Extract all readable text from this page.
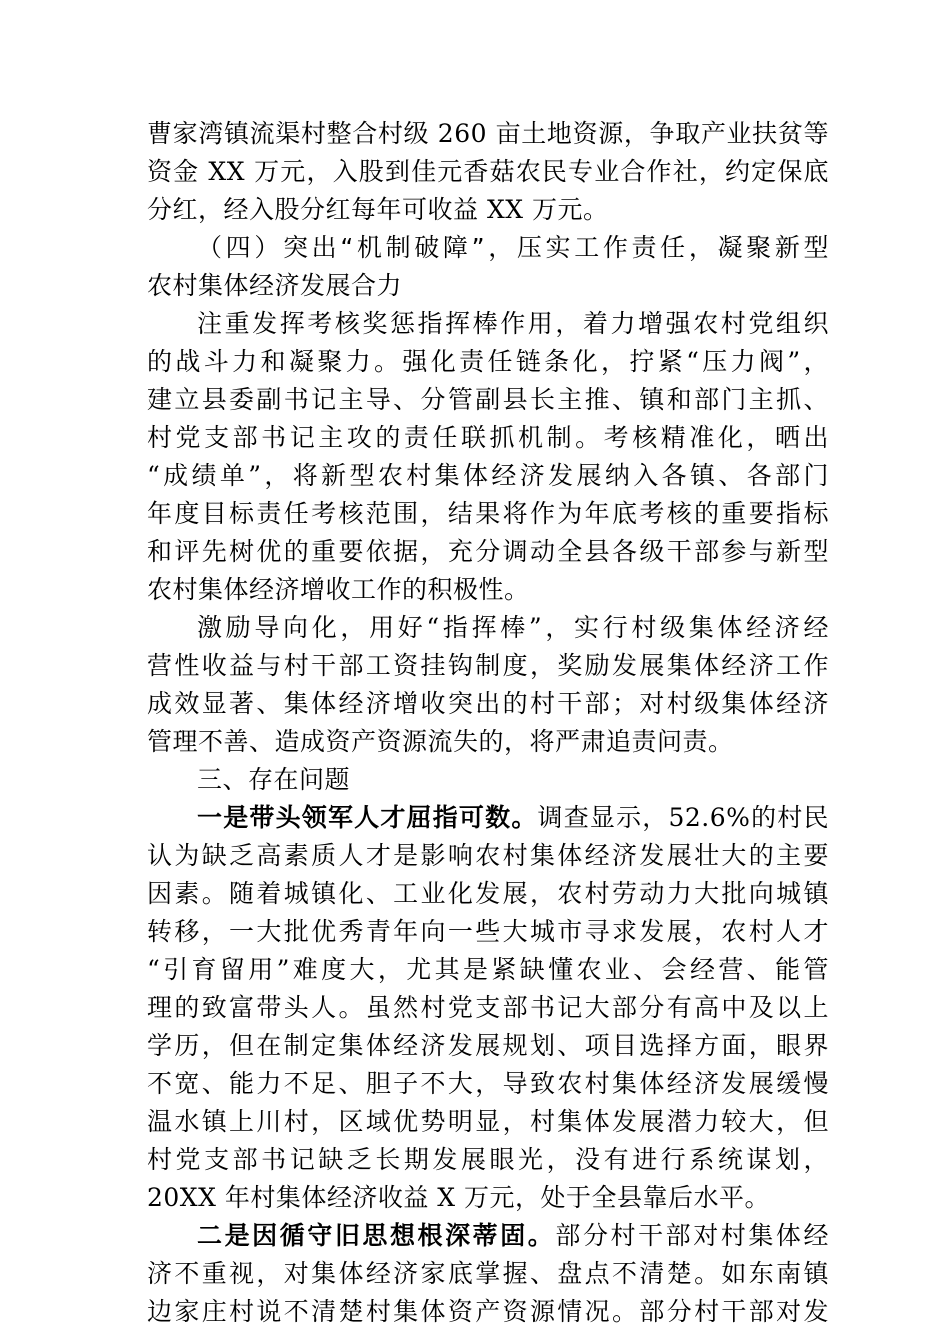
曹家湾镇流渠村整合村级 260 亩土地资源，争取产业扶贫等
资金 XX 万元，入股到佳元香菇农民专业合作社，约定保底
分红，经入股分红每年可收益 XX 万元。
（四）突出“机制破障”，压实工作责任，凝聚新型
农村集体经济发展合力
注重发挥考核奖惩指挥棒作用，着力增强农村党组织
的战斗力和凝聚力。强化责任链条化，拧紧“压力阀”，
建立县委副书记主导、分管副县长主推、镇和部门主抓、
村党支部书记主攻的责任联抓机制。考核精准化，晒出
“成绩单”，将新型农村集体经济发展纳入各镇、各部门
年度目标责任考核范围，结果将作为年底考核的重要指标
和评先树优的重要依据，充分调动全县各级干部参与新型
农村集体经济增收工作的积极性。
激励导向化，用好“指挥棒”，实行村级集体经济经
营性收益与村干部工资挂钩制度，奖励发展集体经济工作
成效显著、集体经济增收突出的村干部；对村级集体经济
管理不善、造成资产资源流失的，将严肃追责问责。
三、存在问题
一是带头领军人才屈指可数。调查显示，52.6%的村民
认为缺乏高素质人才是影响农村集体经济发展壮大的主要
因素。随着城镇化、工业化发展，农村劳动力大批向城镇
转移，一大批优秀青年向一些大城市寻求发展，农村人才
“引育留用”难度大，尤其是紧缺懂农业、会经营、能管
理的致富带头人。虽然村党支部书记大部分有高中及以上
学历，但在制定集体经济发展规划、项目选择方面，眼界
不宽、能力不足、胆子不大，导致农村集体经济发展缓慢
温水镇上川村，区域优势明显，村集体发展潜力较大，但
村党支部书记缺乏长期发展眼光，没有进行系统谋划，
20XX 年村集体经济收益 X 万元，处于全县靠后水平。
二是因循守旧思想根深蒂固。部分村干部对村集体经
济不重视，对集体经济家底掌握、盘点不清楚。如东南镇
边家庄村说不清楚村集体资产资源情况。部分村干部对发
